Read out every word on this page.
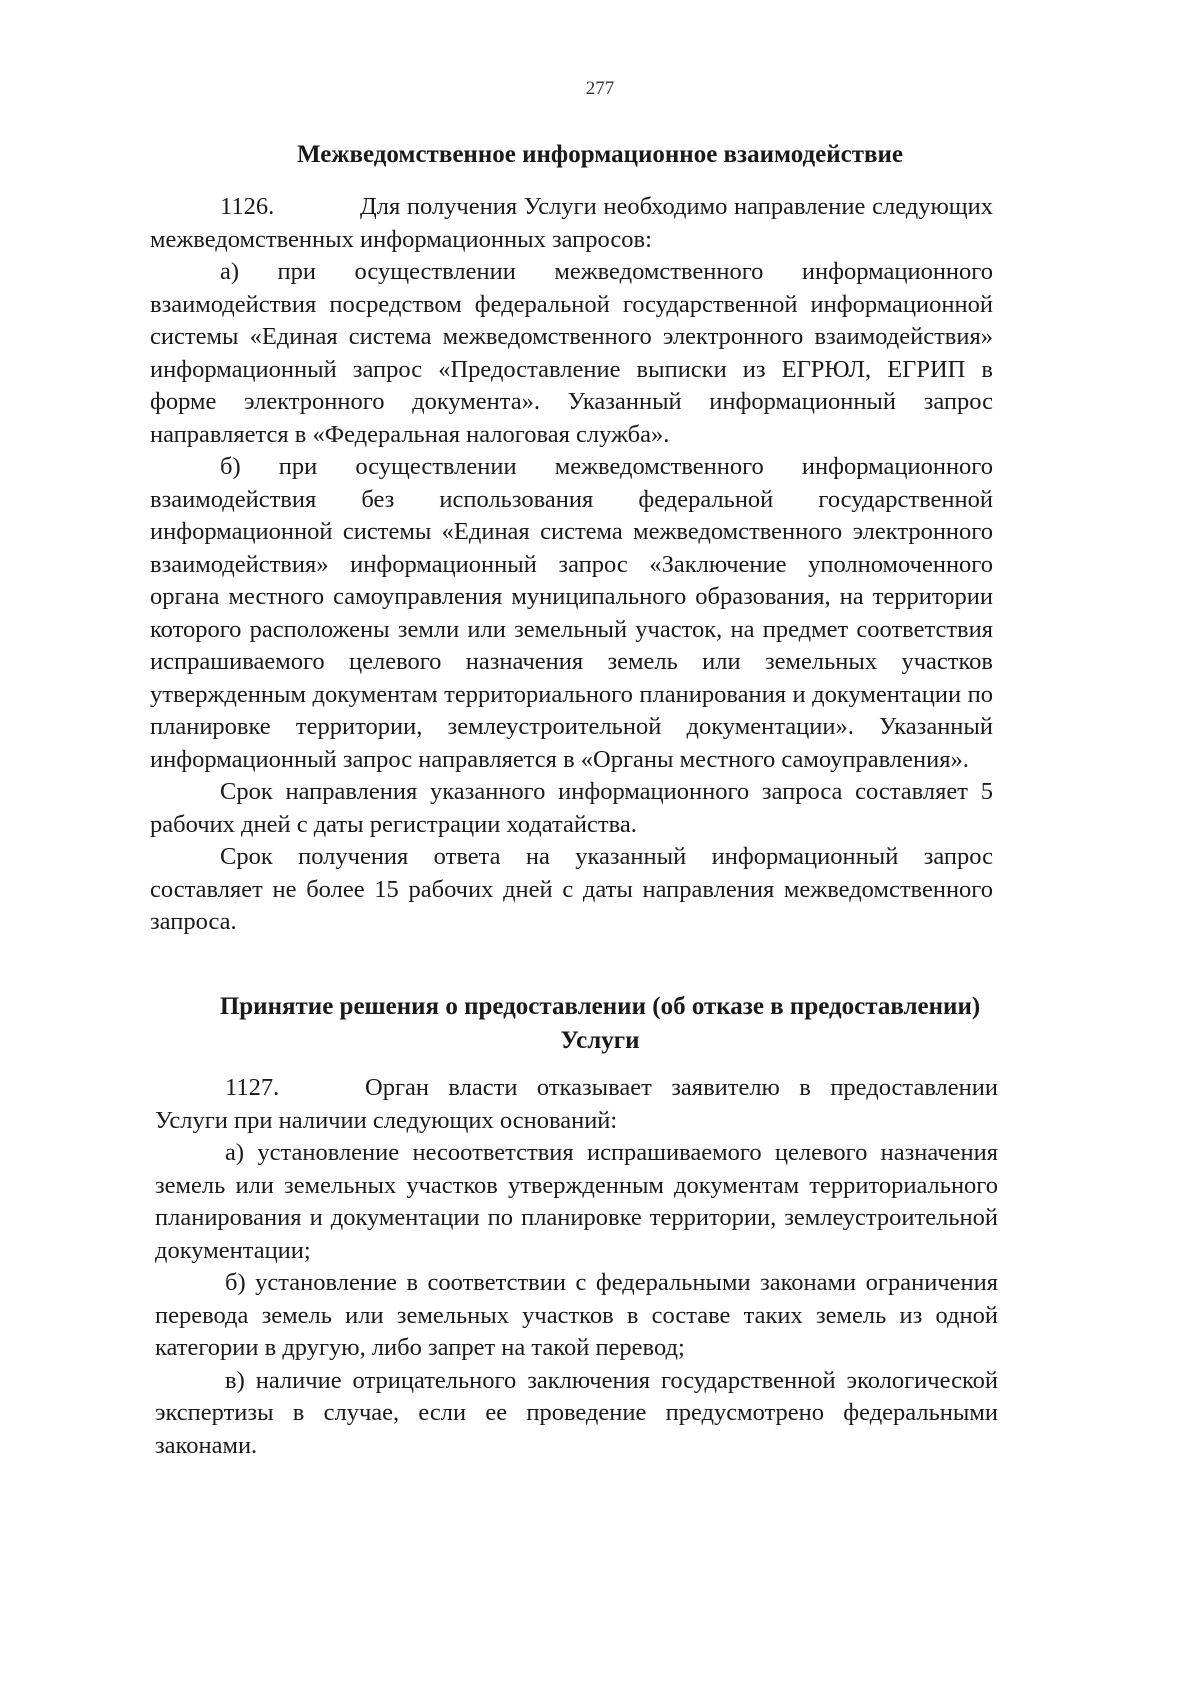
277
Межведомственное информационное взаимодействие

1126.	Для получения Услуги необходимо направление следующих межведомственных информационных запросов:

а) при осуществлении межведомственного информационного взаимодействия посредством федеральной государственной информационной системы «Единая система межведомственного электронного взаимодействия» информационный запрос «Предоставление выписки из ЕГРЮЛ, ЕГРИП в форме электронного документа». Указанный информационный запрос направляется в «Федеральная налоговая служба».

б) при осуществлении межведомственного информационного взаимодействия без использования федеральной государственной информационной системы «Единая система межведомственного электронного взаимодействия» информационный запрос «Заключение уполномоченного органа местного самоуправления муниципального образования, на территории которого расположены земли или земельный участок, на предмет соответствия испрашиваемого целевого назначения земель или земельных участков утвержденным документам территориального планирования и документации по планировке территории, землеустроительной документации». Указанный информационный запрос направляется в «Органы местного самоуправления».

Срок направления указанного информационного запроса составляет 5 рабочих дней с даты регистрации ходатайства.

Срок получения ответа на указанный информационный запрос составляет не более 15 рабочих дней с даты направления межведомственного запроса.

Принятие решения о предоставлении (об отказе в предоставлении)
Услуги

1127.	Орган власти отказывает заявителю в предоставлении Услуги при наличии следующих оснований:

а) установление несоответствия испрашиваемого целевого назначения земель или земельных участков утвержденным документам территориального планирования и документации по планировке территории, землеустроительной документации;

б) установление в соответствии с федеральными законами ограничения перевода земель или земельных участков в составе таких земель из одной категории в другую, либо запрет на такой перевод;

в) наличие отрицательного заключения государственной экологической экспертизы в случае, если ее проведение предусмотрено федеральными законами.
